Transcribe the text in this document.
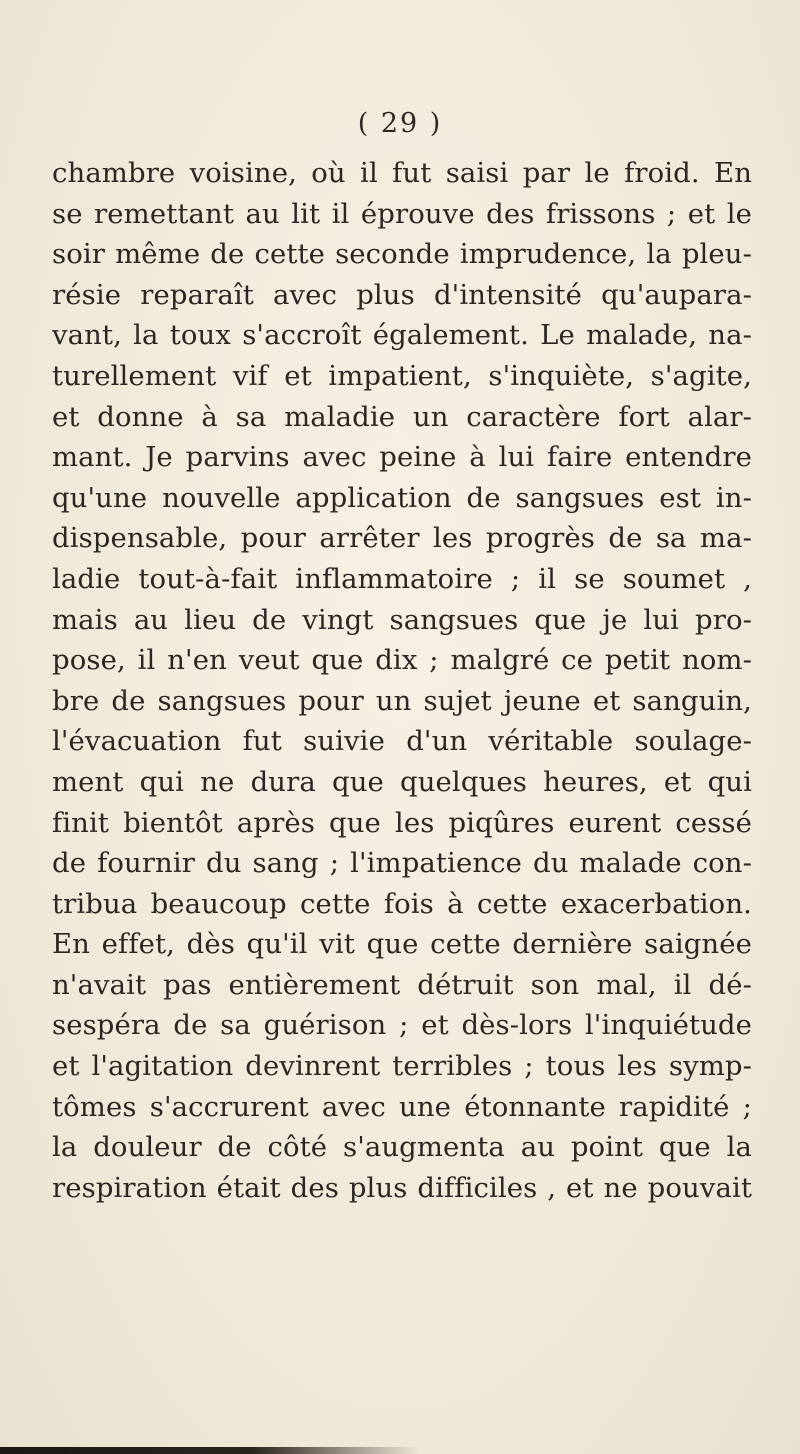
( 29 )
chambre voisine, où il fut saisi par le froid. En
se remettant au lit il éprouve des frissons ; et le
soir même de cette seconde imprudence, la pleu-
résie reparaît avec plus d'intensité qu'aupara-
vant, la toux s'accroît également. Le malade, na-
turellement vif et impatient, s'inquiète, s'agite,
et donne à sa maladie un caractère fort alar-
mant. Je parvins avec peine à lui faire entendre
qu'une nouvelle application de sangsues est in-
dispensable, pour arrêter les progrès de sa ma-
ladie tout-à-fait inflammatoire ; il se soumet ,
mais au lieu de vingt sangsues que je lui pro-
pose, il n'en veut que dix ; malgré ce petit nom-
bre de sangsues pour un sujet jeune et sanguin,
l'évacuation fut suivie d'un véritable soulage-
ment qui ne dura que quelques heures, et qui
finit bientôt après que les piqûres eurent cessé
de fournir du sang ; l'impatience du malade con-
tribua beaucoup cette fois à cette exacerbation.
En effet, dès qu'il vit que cette dernière saignée
n'avait pas entièrement détruit son mal, il dé-
sespéra de sa guérison ; et dès-lors l'inquiétude
et l'agitation devinrent terribles ; tous les symp-
tômes s'accrurent avec une étonnante rapidité ;
la douleur de côté s'augmenta au point que la
respiration était des plus difficiles , et ne pouvait
